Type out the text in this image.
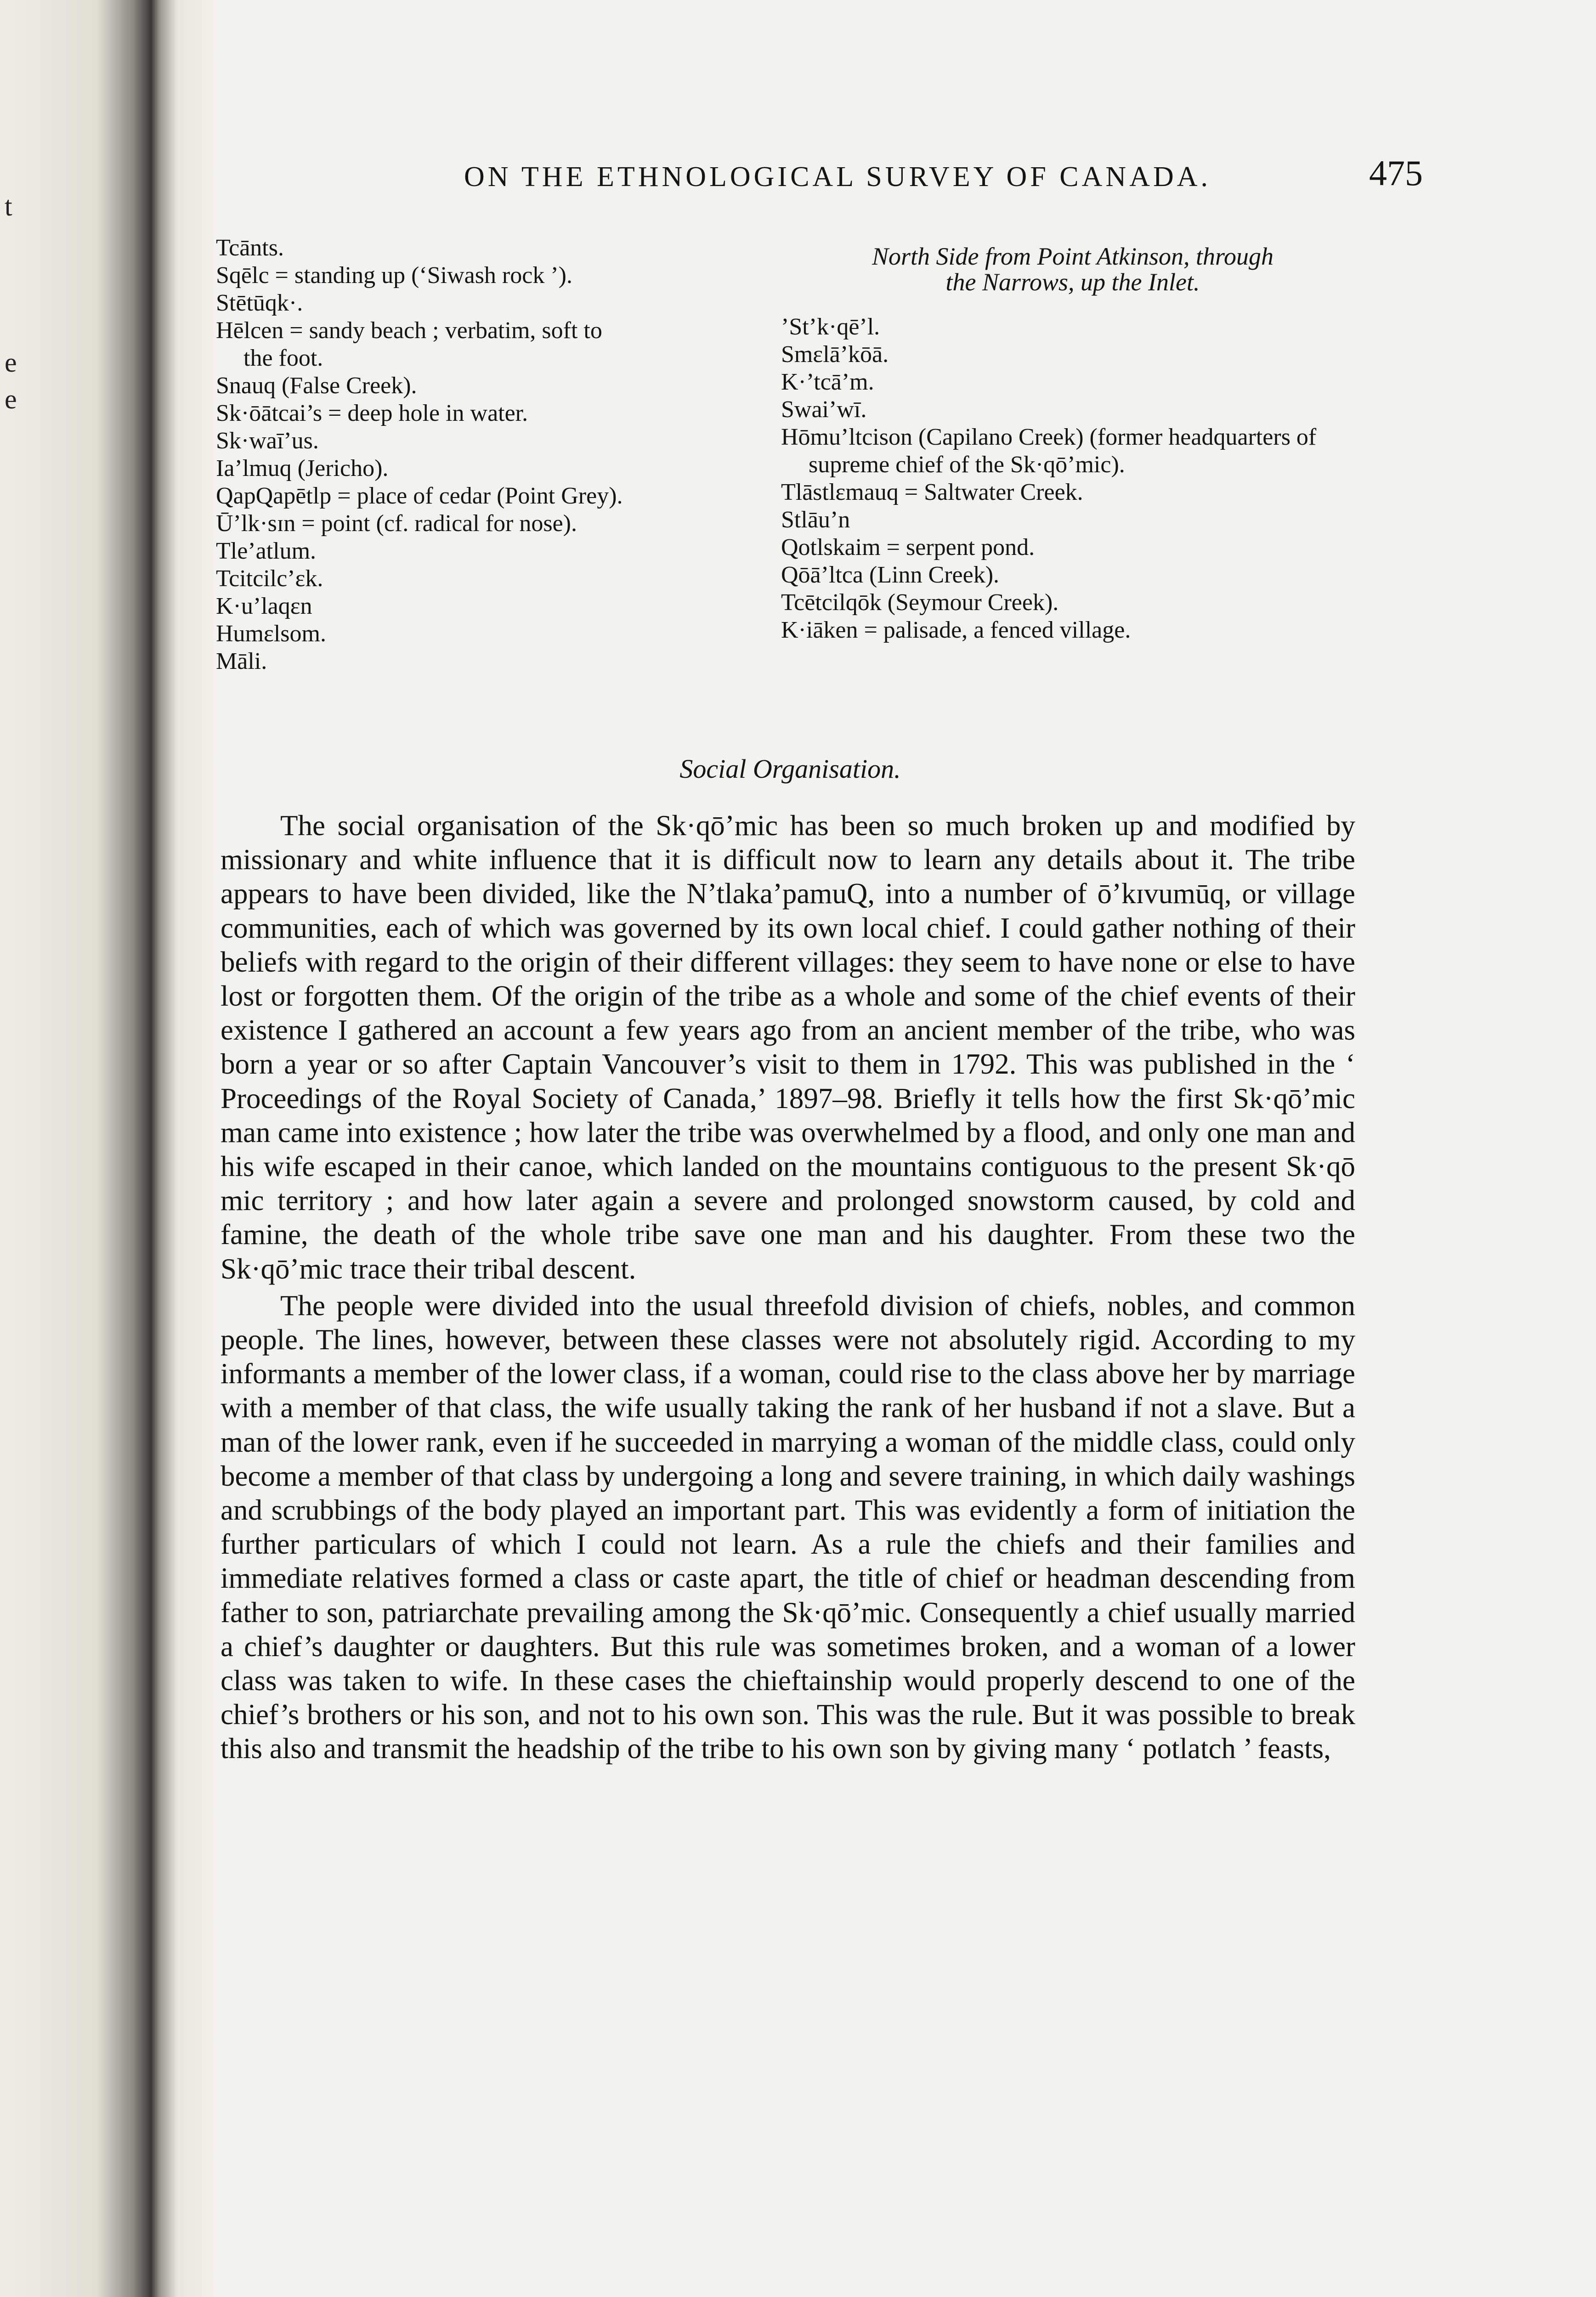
t
e
e
ON THE ETHNOLOGICAL SURVEY OF CANADA.	475
Tcānts.
Sqēlc = standing up (‘Siwash rock ’).
Stētūqk·.
Hēlcen = sandy beach ; verbatim, soft to
the foot.
Snauq (False Creek).
Sk·ōātcai’s = deep hole in water.
Sk·waī’us.
Ia’lmuq (Jericho).
QapQapētlp = place of cedar (Point Grey).
Ū’lk·sɪn = point (cf. radical for nose).
Tle’atlum.
Tcitcilc’ɛk.
K·u’laqɛn
Humɛlsom.
Māli.
North Side from Point Atkinson, through
the Narrows, up the Inlet.
’St’k·qē’l.
Smɛlā’kōā.
K·’tcā’m.
Swai’wī.
Hōmu’ltcison (Capilano Creek) (former headquarters of supreme chief of the Sk·qō’mic).
Tlāstlɛmauq = Saltwater Creek.
Stlāu’n
Qotlskaim = serpent pond.
Qōā’ltca (Linn Creek).
Tcētcilqōk (Seymour Creek).
K·iāken = palisade, a fenced village.
Social Organisation.

The social organisation of the Sk·qō’mic has been so much broken up and modified by missionary and white influence that it is difficult now to learn any details about it. The tribe appears to have been divided, like the N’tlaka’pamuQ, into a number of ō’kɪvumūq, or village communities, each of which was governed by its own local chief. I could gather nothing of their beliefs with regard to the origin of their different villages: they seem to have none or else to have lost or forgotten them. Of the origin of the tribe as a whole and some of the chief events of their existence I gathered an account a few years ago from an ancient member of the tribe, who was born a year or so after Captain Vancouver’s visit to them in 1792. This was published in the ‘ Proceedings of the Royal Society of Canada,’ 1897–98. Briefly it tells how the first Sk·qō’mic man came into existence ; how later the tribe was overwhelmed by a flood, and only one man and his wife escaped in their canoe, which landed on the mountains contiguous to the present Sk·qō mic territory ; and how later again a severe and prolonged snowstorm caused, by cold and famine, the death of the whole tribe save one man and his daughter. From these two the Sk·qō’mic trace their tribal descent.

The people were divided into the usual threefold division of chiefs, nobles, and common people. The lines, however, between these classes were not absolutely rigid. According to my informants a member of the lower class, if a woman, could rise to the class above her by marriage with a member of that class, the wife usually taking the rank of her husband if not a slave. But a man of the lower rank, even if he succeeded in marrying a woman of the middle class, could only become a member of that class by undergoing a long and severe training, in which daily washings and scrubbings of the body played an important part. This was evidently a form of initiation the further particulars of which I could not learn. As a rule the chiefs and their families and immediate relatives formed a class or caste apart, the title of chief or headman descending from father to son, patriarchate prevailing among the Sk·qō’mic. Consequently a chief usually married a chief’s daughter or daughters. But this rule was sometimes broken, and a woman of a lower class was taken to wife. In these cases the chieftainship would properly descend to one of the chief’s brothers or his son, and not to his own son. This was the rule. But it was possible to break this also and transmit the headship of the tribe to his own son by giving many ‘ potlatch ’ feasts,
